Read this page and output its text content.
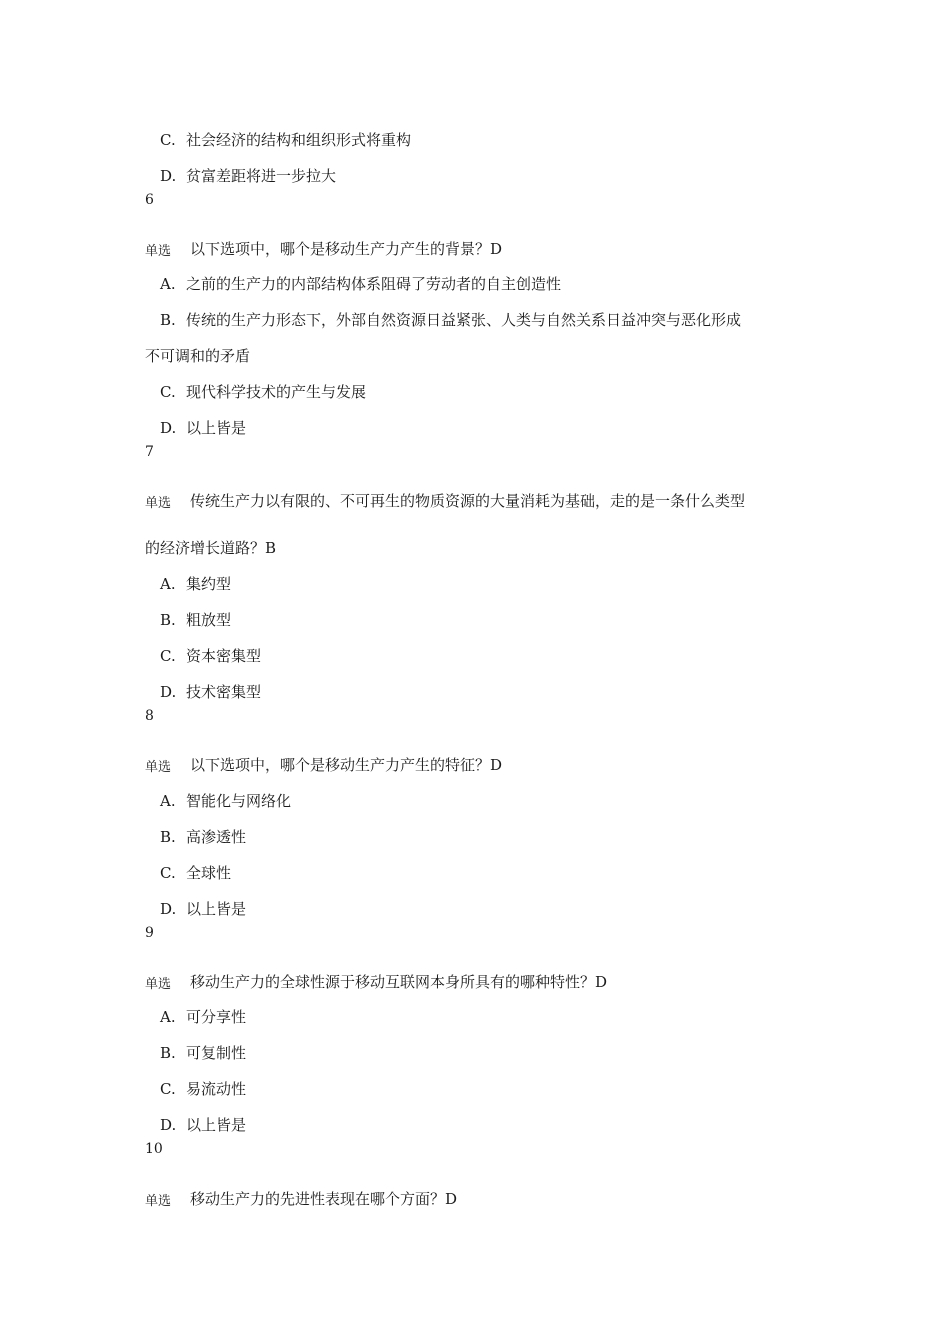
C. 社会经济的结构和组织形式将重构
D. 贫富差距将进一步拉大
6
单选 以下选项中，哪个是移动生产力产生的背景？D
A. 之前的生产力的内部结构体系阻碍了劳动者的自主创造性
B. 传统的生产力形态下，外部自然资源日益紧张、人类与自然关系日益冲突与恶化形成
不可调和的矛盾
C. 现代科学技术的产生与发展
D. 以上皆是
7
单选 传统生产力以有限的、不可再生的物质资源的大量消耗为基础，走的是一条什么类型
的经济增长道路？B
A. 集约型
B. 粗放型
C. 资本密集型
D. 技术密集型
8
单选 以下选项中，哪个是移动生产力产生的特征？D
A. 智能化与网络化
B. 高渗透性
C. 全球性
D. 以上皆是
9
单选 移动生产力的全球性源于移动互联网本身所具有的哪种特性？D
A. 可分享性
B. 可复制性
C. 易流动性
D. 以上皆是
10
单选 移动生产力的先进性表现在哪个方面？D
